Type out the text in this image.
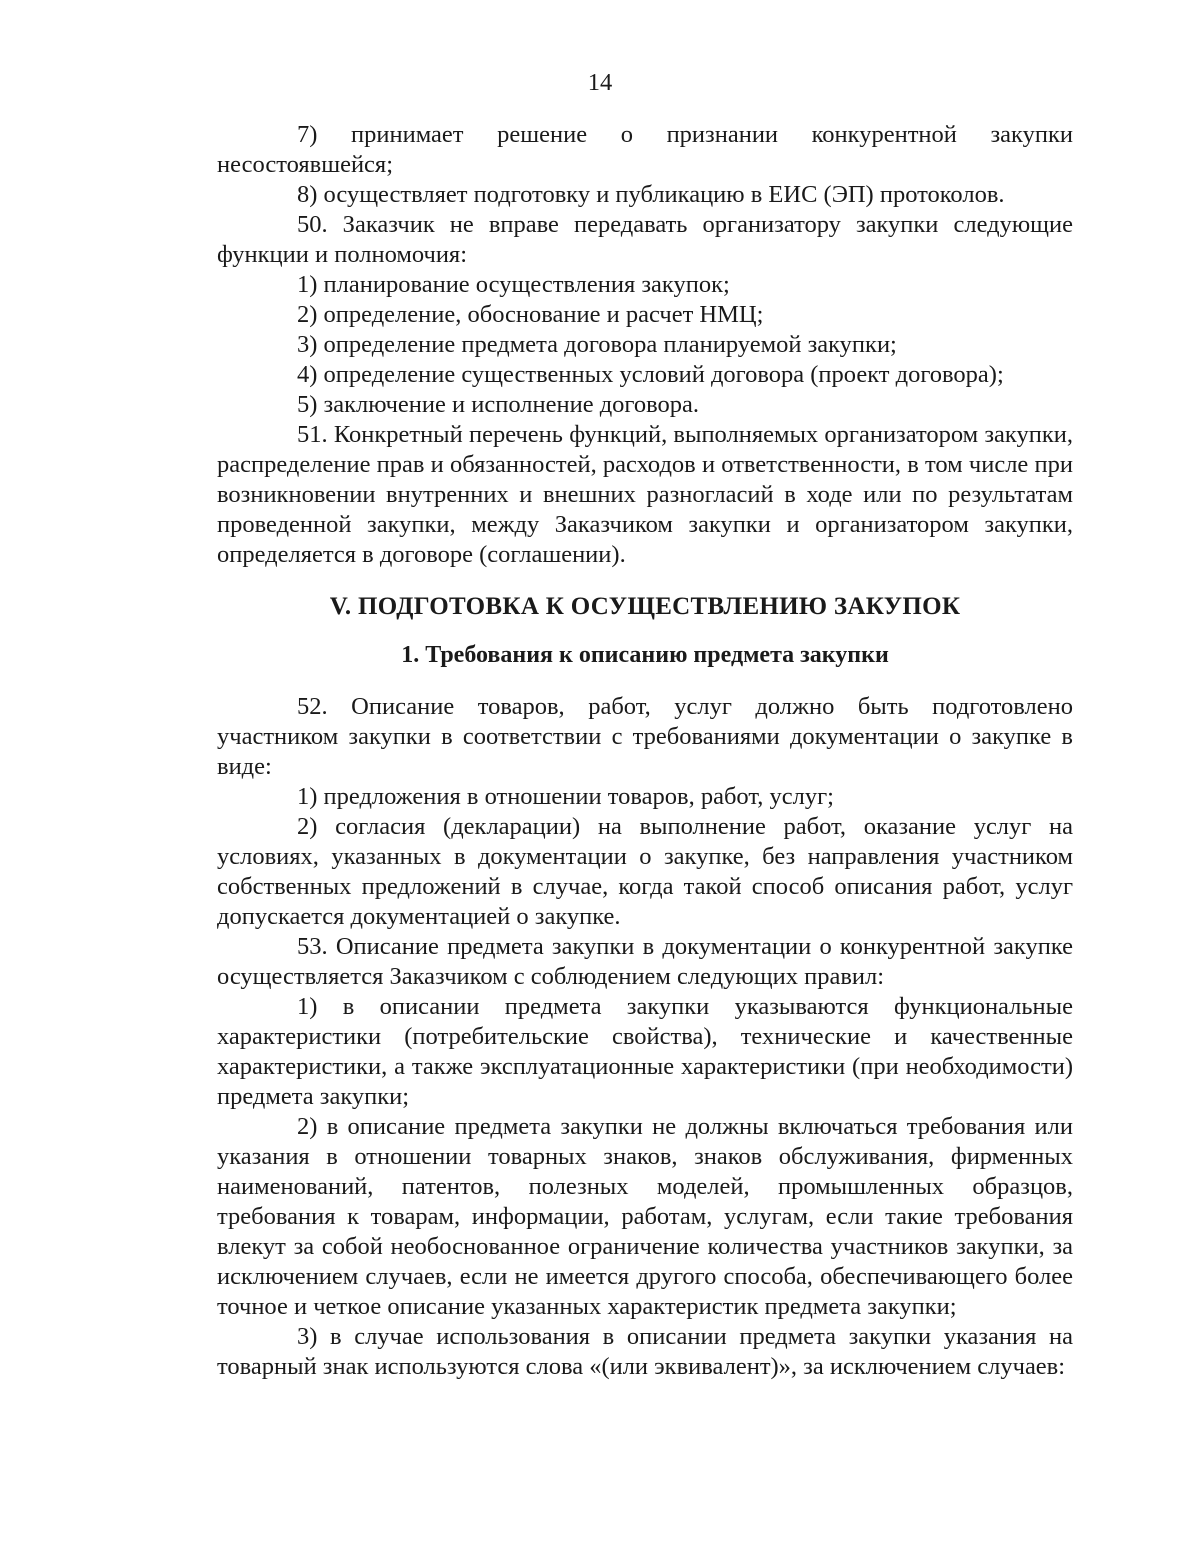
14

7) принимает решение о признании конкурентной закупки несостоявшейся;

8) осуществляет подготовку и публикацию в ЕИС (ЭП) протоколов.

50. Заказчик не вправе передавать организатору закупки следующие функции и полномочия:

1) планирование осуществления закупок;

2) определение, обоснование и расчет НМЦ;

3) определение предмета договора планируемой закупки;

4) определение существенных условий договора (проект договора);

5) заключение и исполнение договора.

51. Конкретный перечень функций, выполняемых организатором закупки, распределение прав и обязанностей, расходов и ответственности, в том числе при возникновении внутренних и внешних разногласий в ходе или по результатам проведенной закупки, между Заказчиком закупки и организатором закупки, определяется в договоре (соглашении).

V. ПОДГОТОВКА К ОСУЩЕСТВЛЕНИЮ ЗАКУПОК
1. Требования к описанию предмета закупки

52. Описание товаров, работ, услуг должно быть подготовлено участником закупки в соответствии с требованиями документации о закупке в виде:

1) предложения в отношении товаров, работ, услуг;

2) согласия (декларации) на выполнение работ, оказание услуг на условиях, указанных в документации о закупке, без направления участником собственных предложений в случае, когда такой способ описания работ, услуг допускается документацией о закупке.

53. Описание предмета закупки в документации о конкурентной закупке осуществляется Заказчиком с соблюдением следующих правил:

1) в описании предмета закупки указываются функциональные характеристики (потребительские свойства), технические и качественные характеристики, а также эксплуатационные характеристики (при необходимости) предмета закупки;

2) в описание предмета закупки не должны включаться требования или указания в отношении товарных знаков, знаков обслуживания, фирменных наименований, патентов, полезных моделей, промышленных образцов, требования к товарам, информации, работам, услугам, если такие требования влекут за собой необоснованное ограничение количества участников закупки, за исключением случаев, если не имеется другого способа, обеспечивающего более точное и четкое описание указанных характеристик предмета закупки;

3) в случае использования в описании предмета закупки указания на товарный знак используются слова «(или эквивалент)», за исключением случаев:
